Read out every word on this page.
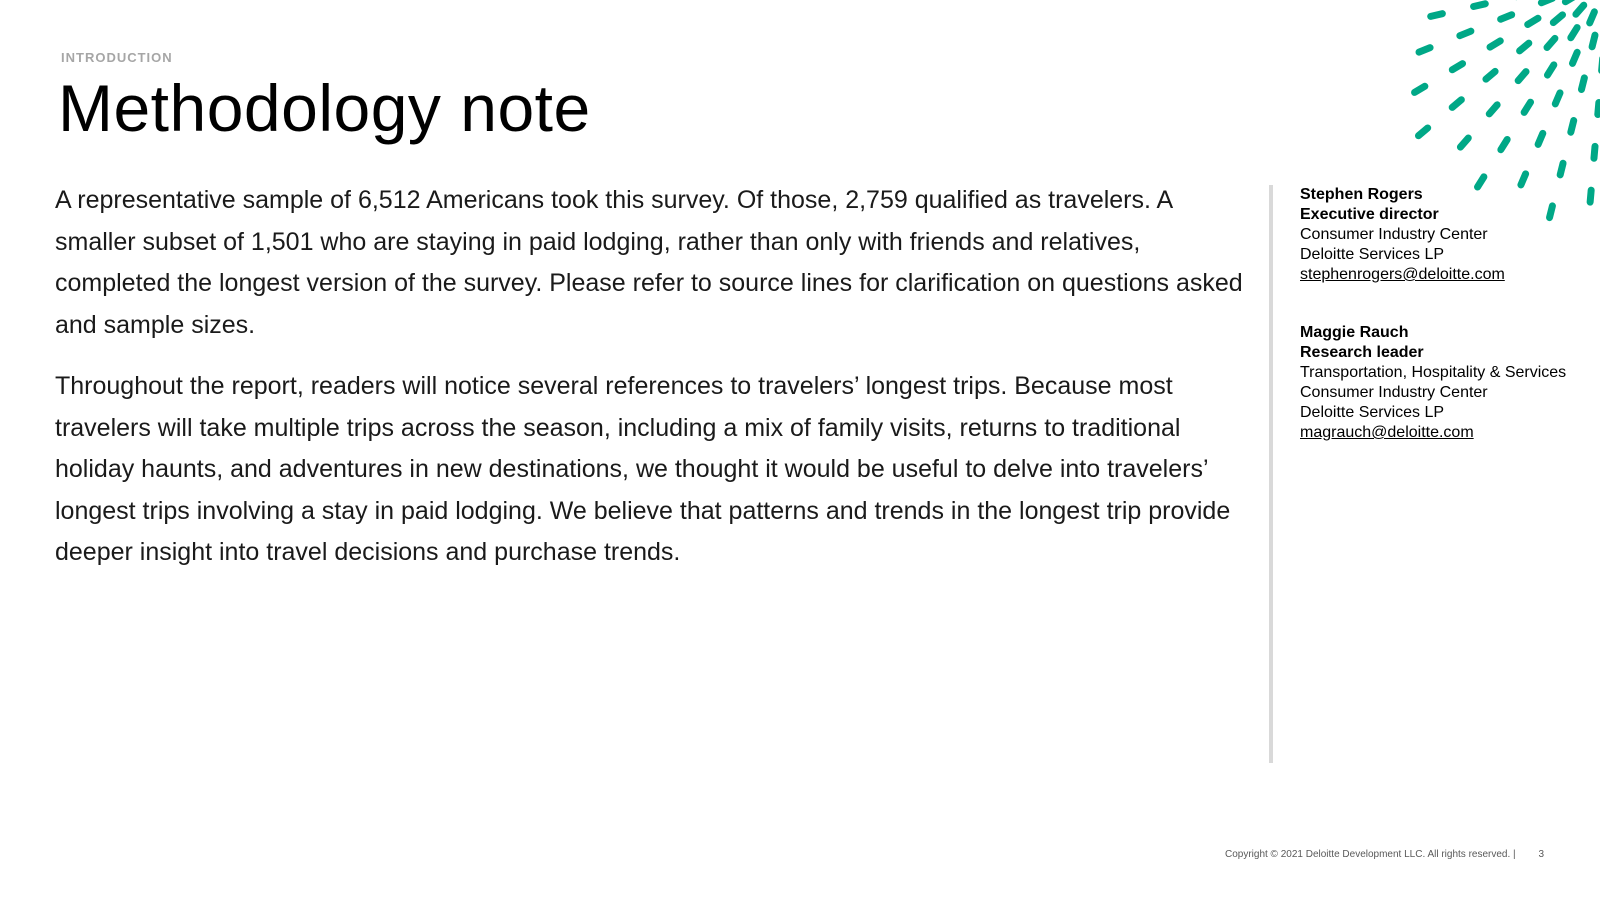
INTRODUCTION
Methodology note

A representative sample of 6,512 Americans took this survey. Of those, 2,759 qualified as travelers. A smaller subset of 1,501 who are staying in paid lodging, rather than only with friends and relatives, completed the longest version of the survey. Please refer to source lines for clarification on questions asked and sample sizes.

Throughout the report, readers will notice several references to travelers’ longest trips. Because most travelers will take multiple trips across the season, including a mix of family visits, returns to traditional holiday haunts, and adventures in new destinations, we thought it would be useful to delve into travelers’ longest trips involving a stay in paid lodging. We believe that patterns and trends in the longest trip provide deeper insight into travel decisions and purchase trends.

Stephen Rogers
Executive director
Consumer Industry Center
Deloitte Services LP
stephenrogers@deloitte.com
Maggie Rauch
Research leader
Transportation, Hospitality & Services
Consumer Industry Center
Deloitte Services LP
magrauch@deloitte.com
Copyright © 2021 Deloitte Development LLC. All rights reserved. | 3
